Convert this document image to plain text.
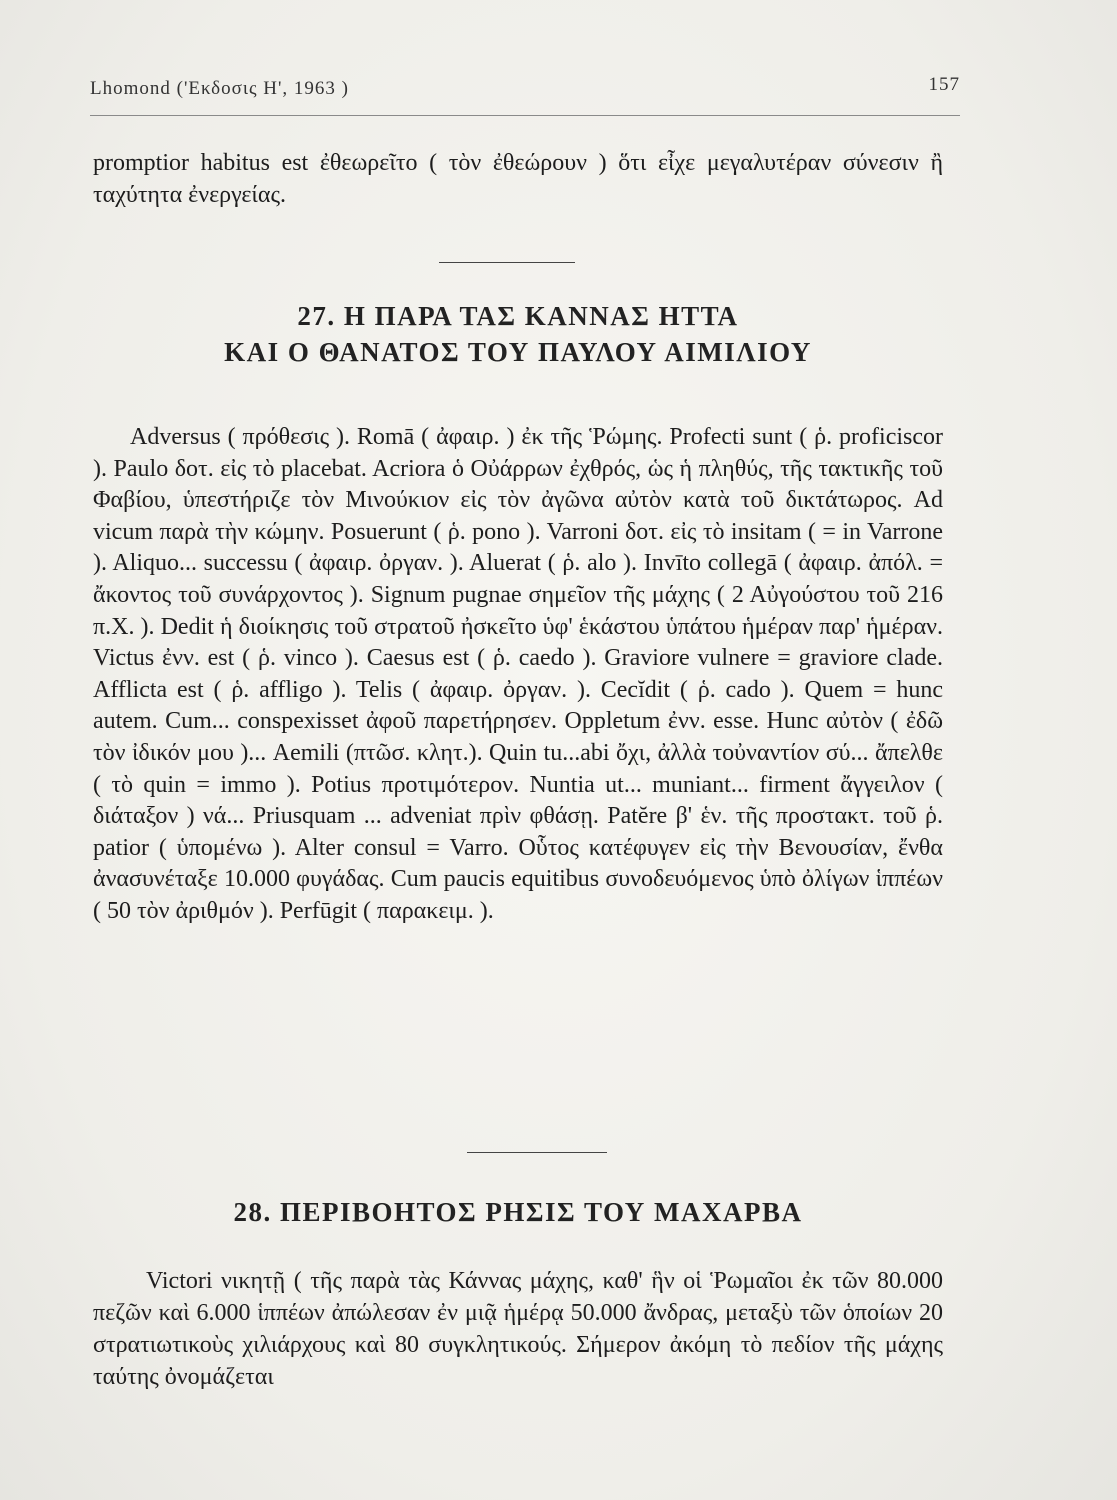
Lhomond ('Εκδοσις Η', 1963 )	157

promptior habitus est ἐθεωρεῖτο ( τὸν ἐθεώρουν ) ὅτι εἶχε μεγαλυτέραν σύνεσιν ἢ ταχύτητα ἐνεργείας.

27. Η ΠΑΡΑ ΤΑΣ ΚΑΝΝΑΣ ΗΤΤΑ
ΚΑΙ Ο ΘΑΝΑΤΟΣ ΤΟΥ ΠΑΥΛΟΥ ΑΙΜΙΛΙΟΥ

Adversus ( πρόθεσις ). Romā ( ἀφαιρ. ) ἐκ τῆς Ῥώμης. Profecti sunt ( ῥ. proficiscor ). Paulo δοτ. εἰς τὸ placebat. Acriora ὁ Οὐάρρων ἐχθρός, ὡς ἡ πληθύς, τῆς τακτικῆς τοῦ Φαβίου, ὑπεστήριζε τὸν Μινούκιον εἰς τὸν ἀγῶνα αὐτὸν κατὰ τοῦ δικτάτωρος. Ad vicum παρὰ τὴν κώμην. Posuerunt ( ῥ. pono ). Varroni δοτ. εἰς τὸ insitam ( = in Varrone ). Aliquo... successu ( ἀφαιρ. ὀργαν. ). Aluerat ( ῥ. alo ). Invīto collegā ( ἀφαιρ. ἀπόλ. = ἄκοντος τοῦ συνάρχοντος ). Signum pugnae σημεῖον τῆς μάχης ( 2 Αὐγούστου τοῦ 216 π.Χ. ). Dedit ἡ διοίκησις τοῦ στρατοῦ ἠσκεῖτο ὑφ' ἑκάστου ὑπάτου ἡμέραν παρ' ἡμέραν. Victus ἐνν. est ( ῥ. vinco ). Caesus est ( ῥ. caedo ). Graviore vulnere = graviore clade. Afflicta est ( ῥ. affligo ). Telis ( ἀφαιρ. ὀργαν. ). Cecĭdit ( ῥ. cado ). Quem = hunc autem. Cum... conspexisset ἀφοῦ παρετήρησεν. Oppletum ἐνν. esse. Hunc αὐτὸν ( ἐδῶ τὸν ἰδικόν μου )... Aemili (πτῶσ. κλητ.). Quin tu...abi ὄχι, ἀλλὰ τοὐναντίον σύ... ἄπελθε ( τὸ quin = immo ). Potius προτιμότερον. Nuntia ut... muniant... firment ἄγγειλον ( διάταξον ) νά... Priusquam ... adveniat πρὶν φθάσῃ. Patĕre β' ἑν. τῆς προστακτ. τοῦ ῥ. patior ( ὑπομένω ). Alter consul = Varro. Οὗτος κατέφυγεν εἰς τὴν Βενουσίαν, ἔνθα ἀνασυνέταξε 10.000 φυγάδας. Cum paucis equitibus συνοδευόμενος ὑπὸ ὀλίγων ἱππέων ( 50 τὸν ἀριθμόν ). Perfūgit ( παρακειμ. ).

28. ΠΕΡΙΒΟΗΤΟΣ ΡΗΣΙΣ ΤΟΥ ΜΑΧΑΡΒΑ

Victori νικητῇ ( τῆς παρὰ τὰς Κάννας μάχης, καθ' ἣν οἱ Ῥωμαῖοι ἐκ τῶν 80.000 πεζῶν καὶ 6.000 ἱππέων ἀπώλεσαν ἐν μιᾷ ἡμέρᾳ 50.000 ἄνδρας, μεταξὺ τῶν ὁποίων 20 στρατιωτικοὺς χιλιάρχους καὶ 80 συγκλητικούς. Σήμερον ἀκόμη τὸ πεδίον τῆς μάχης ταύτης ὀνομάζεται
